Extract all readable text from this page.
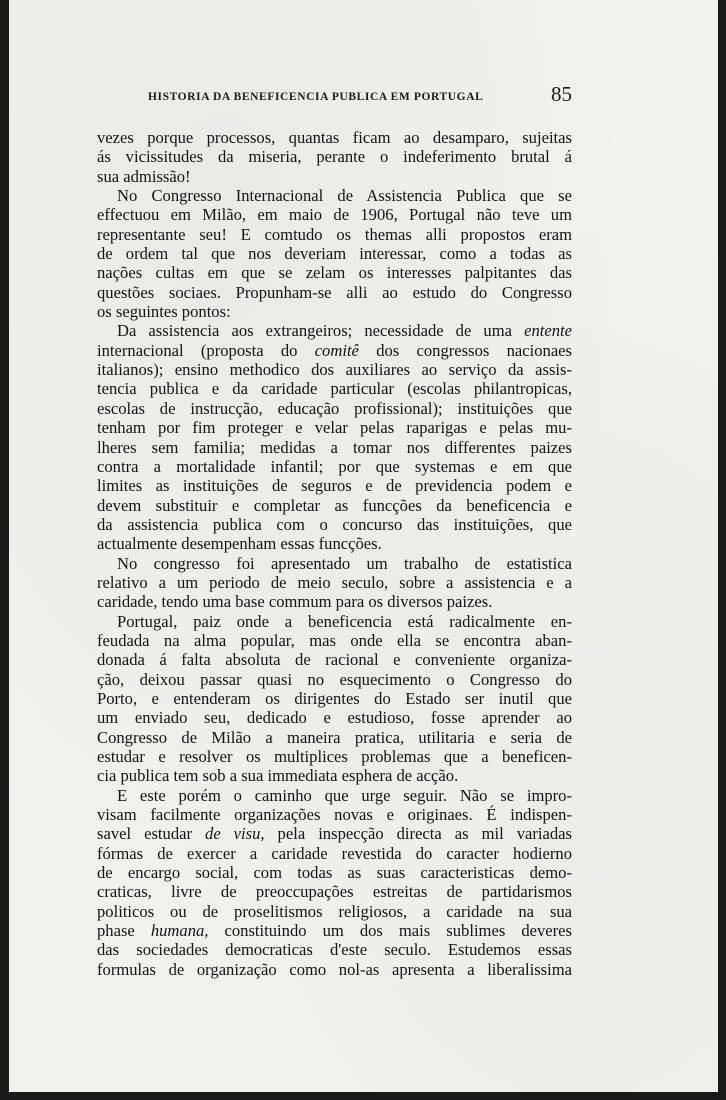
HISTORIA DA BENEFICENCIA PUBLICA EM PORTUGAL	85
vezes porque processos, quantas ficam ao desamparo, sujeitas
ás vicissitudes da miseria, perante o indeferimento brutal á
sua admissão!
No Congresso Internacional de Assistencia Publica que se
effectuou em Milão, em maio de 1906, Portugal não teve um
representante seu! E comtudo os themas alli propostos eram
de ordem tal que nos deveriam interessar, como a todas as
nações cultas em que se zelam os interesses palpitantes das
questões sociaes. Propunham-se alli ao estudo do Congresso
os seguintes pontos:
Da assistencia aos extrangeiros; necessidade de uma entente
internacional (proposta do comitê dos congressos nacionaes
italianos); ensino methodico dos auxiliares ao serviço da assis-
tencia publica e da caridade particular (escolas philantropicas,
escolas de instrucção, educação profissional); instituições que
tenham por fim proteger e velar pelas raparigas e pelas mu-
lheres sem familia; medidas a tomar nos differentes paizes
contra a mortalidade infantil; por que systemas e em que
limites as instituições de seguros e de previdencia podem e
devem substituir e completar as funcções da beneficencia e
da assistencia publica com o concurso das instituições, que
actualmente desempenham essas funcções.
No congresso foi apresentado um trabalho de estatistica
relativo a um periodo de meio seculo, sobre a assistencia e a
caridade, tendo uma base commum para os diversos paizes.
Portugal, paiz onde a beneficencia está radicalmente en-
feudada na alma popular, mas onde ella se encontra aban-
donada á falta absoluta de racional e conveniente organiza-
ção, deixou passar quasi no esquecimento o Congresso do
Porto, e entenderam os dirigentes do Estado ser inutil que
um enviado seu, dedicado e estudioso, fosse aprender ao
Congresso de Milão a maneira pratica, utilitaria e seria de
estudar e resolver os multiplices problemas que a beneficen-
cia publica tem sob a sua immediata esphera de acção.
E este porém o caminho que urge seguir. Não se impro-
visam facilmente organizações novas e originaes. É indispen-
savel estudar de visu, pela inspecção directa as mil variadas
fórmas de exercer a caridade revestida do caracter hodierno
de encargo social, com todas as suas caracteristicas demo-
craticas, livre de preoccupações estreitas de partidarismos
politicos ou de proselitismos religiosos, a caridade na sua
phase humana, constituindo um dos mais sublimes deveres
das sociedades democraticas d'este seculo. Estudemos essas
formulas de organização como nol-as apresenta a liberalissima
